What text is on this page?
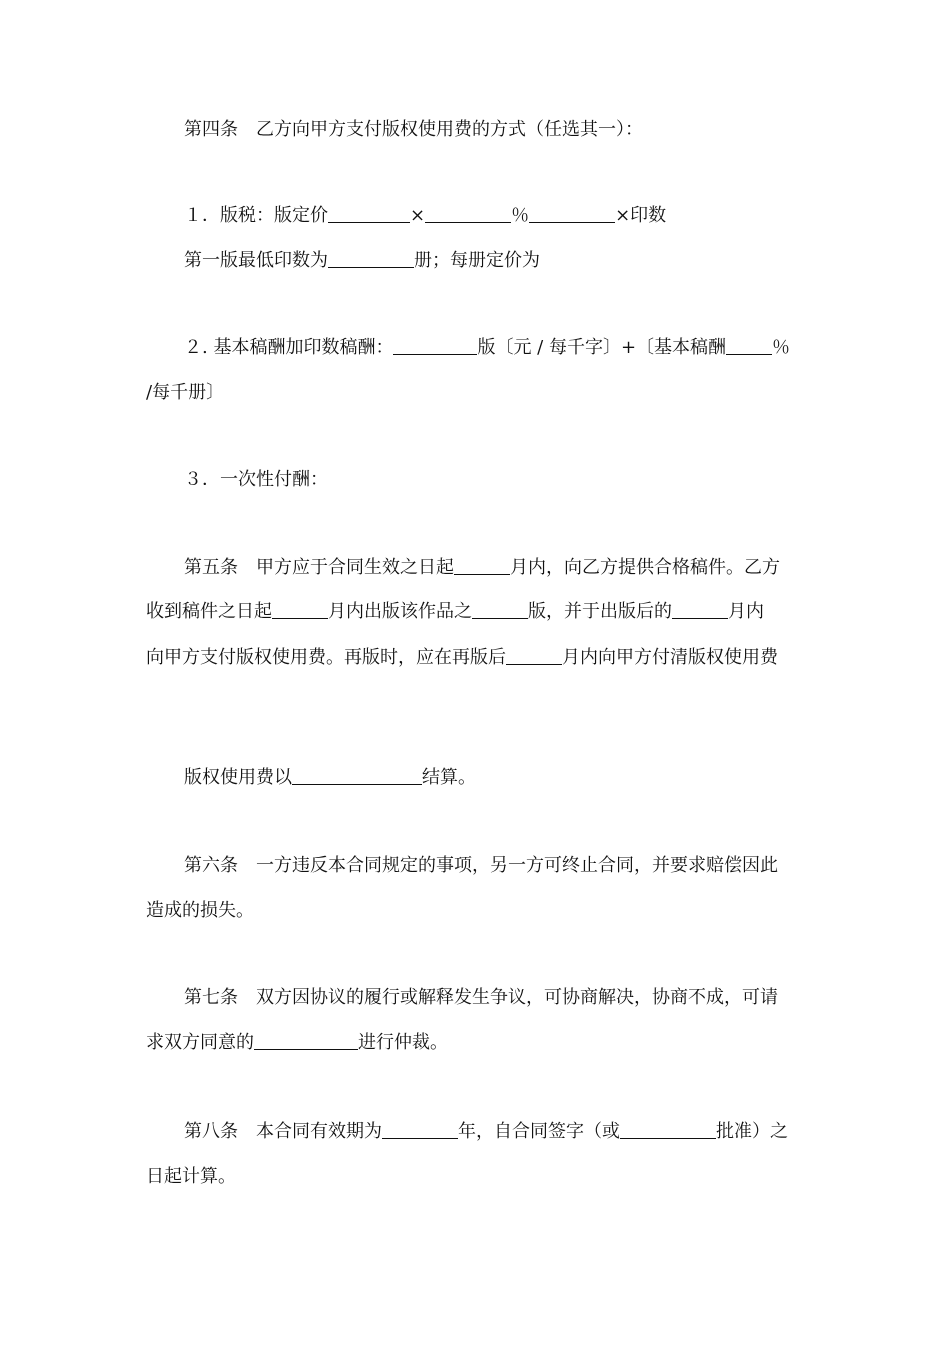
第四条　乙方向甲方支付版权使用费的方式（任选其一）：
１．版税：版定价	×	％	×印数
第一版最低印数为	册；每册定价为
２. 基本稿酬加印数稿酬：	版〔元 / 每千字〕+〔基本稿酬	％
/每千册〕
３．一次性付酬：
第五条　甲方应于合同生效之日起	月内，向乙方提供合格稿件。乙方
收到稿件之日起	月内出版该作品之	版，并于出版后的	月内
向甲方支付版权使用费。再版时，应在再版后	月内向甲方付清版权使用费
版权使用费以	结算。
第六条　一方违反本合同规定的事项，另一方可终止合同，并要求赔偿因此
造成的损失。
第七条　双方因协议的履行或解释发生争议，可协商解决，协商不成，可请
求双方同意的	进行仲裁。
第八条　本合同有效期为	年，自合同签字（或	批准）之
日起计算。
